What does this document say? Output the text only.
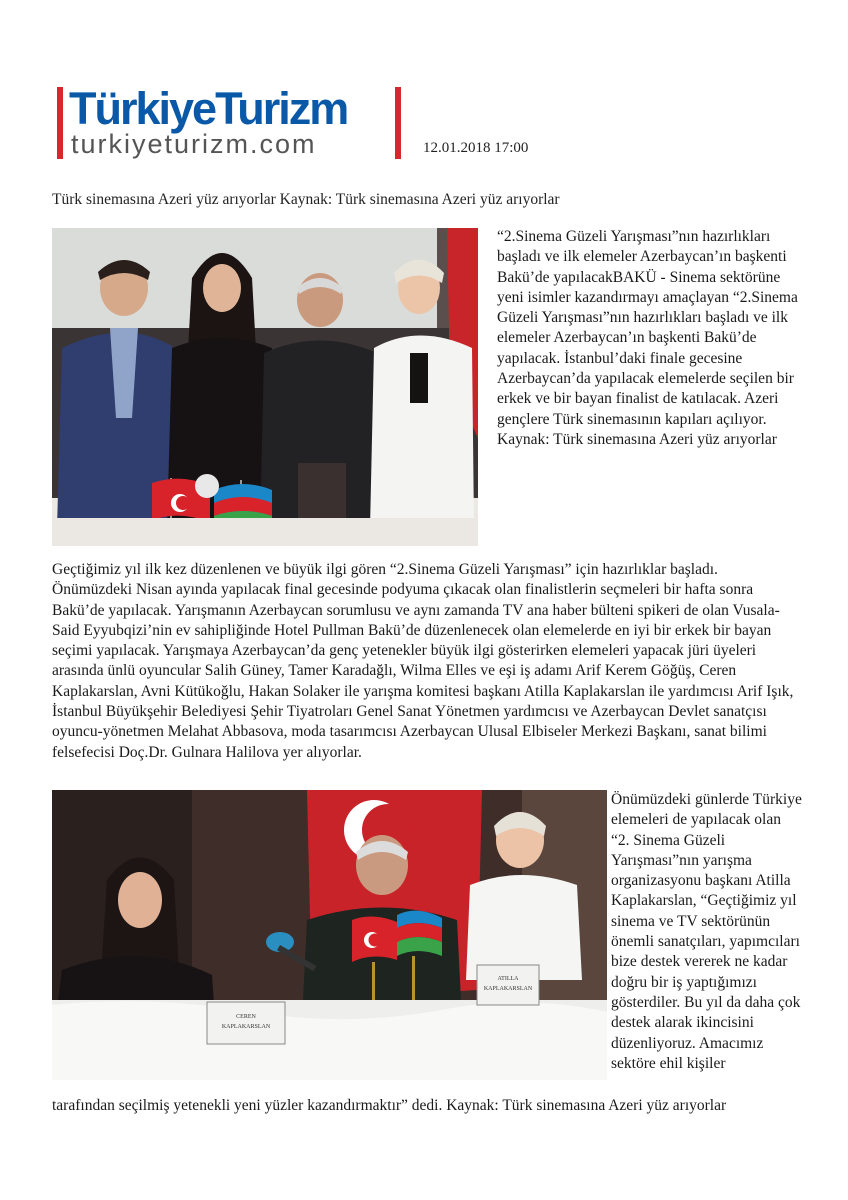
TürkiyeTurizm
turkiyeturizm.com	12.01.2018 17:00
Türk sinemasına Azeri yüz arıyorlar Kaynak: Türk sinemasına Azeri yüz arıyorlar

“2.Sinema Güzeli Yarışması”nın hazırlıkları başladı ve ilk elemeler Azerbaycan’ın başkenti Bakü’de yapılacakBAKÜ - Sinema sektörüne yeni isimler kazandırmayı amaçlayan “2.Sinema Güzeli Yarışması”nın hazırlıkları başladı ve ilk elemeler Azerbaycan’ın başkenti Bakü’de yapılacak. İstanbul’daki finale gecesine Azerbaycan’da yapılacak elemelerde seçilen bir erkek ve bir bayan finalist de katılacak. Azeri gençlere Türk sinemasının kapıları açılıyor. Kaynak: Türk sinemasına Azeri yüz arıyorlar

Geçtiğimiz yıl ilk kez düzenlenen ve büyük ilgi gören “2.Sinema Güzeli Yarışması” için hazırlıklar başladı. Önümüzdeki Nisan ayında yapılacak final gecesinde podyuma çıkacak olan finalistlerin seçmeleri bir hafta sonra Bakü’de yapılacak. Yarışmanın Azerbaycan sorumlusu ve aynı zamanda TV ana haber bülteni spikeri de olan Vusala-Said Eyyubqizi’nin ev sahipliğinde Hotel Pullman Bakü’de düzenlenecek olan elemelerde en iyi bir erkek bir bayan seçimi yapılacak. Yarışmaya Azerbaycan’da genç yetenekler büyük ilgi gösterirken elemeleri yapacak jüri üyeleri arasında ünlü oyuncular Salih Güney, Tamer Karadağlı, Wilma Elles ve eşi iş adamı Arif Kerem Göğüş, Ceren Kaplakarslan, Avni Kütükoğlu, Hakan Solaker ile yarışma komitesi başkanı Atilla Kaplakarslan ile yardımcısı Arif Işık, İstanbul Büyükşehir Belediyesi Şehir Tiyatroları Genel Sanat Yönetmen yardımcısı ve Azerbaycan Devlet sanatçısı oyuncu-yönetmen Melahat Abbasova, moda tasarımcısı Azerbaycan Ulusal Elbiseler Merkezi Başkanı, sanat bilimi felsefecisi Doç.Dr. Gulnara Halilova yer alıyorlar.

CEREN
KAPLAKARSLAN
ATILLA
KAPLAKARSLAN

Önümüzdeki günlerde Türkiye elemeleri de yapılacak olan “2. Sinema Güzeli Yarışması”nın yarışma organizasyonu başkanı Atilla Kaplakarslan, “Geçtiğimiz yıl sinema ve TV sektörünün önemli sanatçıları, yapımcıları bize destek vererek ne kadar doğru bir iş yaptığımızı gösterdiler. Bu yıl da daha çok destek alarak ikincisini düzenliyoruz. Amacımız sektöre ehil kişiler

tarafından seçilmiş yetenekli yeni yüzler kazandırmaktır” dedi. Kaynak: Türk sinemasına Azeri yüz arıyorlar
